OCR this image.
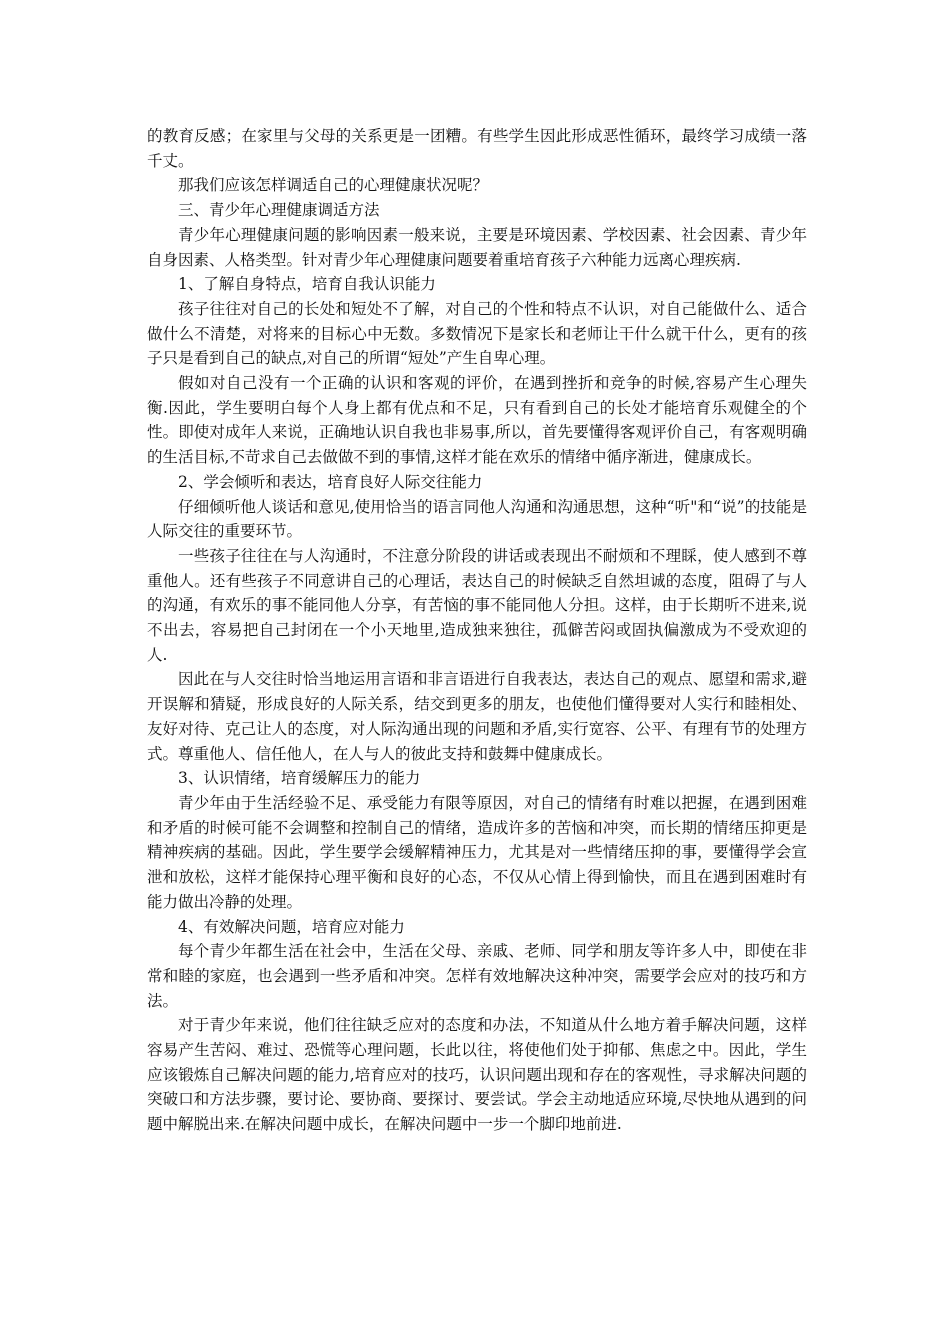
的教育反感；在家里与父母的关系更是一团糟。有些学生因此形成恶性循环，最终学习成绩一落千丈。

那我们应该怎样调适自己的心理健康状况呢？

三、青少年心理健康调适方法

青少年心理健康问题的影响因素一般来说，主要是环境因素、学校因素、社会因素、青少年自身因素、人格类型。针对青少年心理健康问题要着重培育孩子六种能力远离心理疾病.

1、了解自身特点，培育自我认识能力

孩子往往对自己的长处和短处不了解，对自己的个性和特点不认识，对自己能做什么、适合做什么不清楚，对将来的目标心中无数。多数情况下是家长和老师让干什么就干什么，更有的孩子只是看到自己的缺点,对自己的所谓“短处”产生自卑心理。

假如对自己没有一个正确的认识和客观的评价，在遇到挫折和竞争的时候,容易产生心理失衡.因此，学生要明白每个人身上都有优点和不足，只有看到自己的长处才能培育乐观健全的个性。即使对成年人来说，正确地认识自我也非易事,所以，首先要懂得客观评价自己，有客观明确的生活目标,不苛求自己去做做不到的事情,这样才能在欢乐的情绪中循序渐进，健康成长。

2、学会倾听和表达，培育良好人际交往能力

仔细倾听他人谈话和意见,使用恰当的语言同他人沟通和沟通思想，这种“听"和“说”的技能是人际交往的重要环节。

一些孩子往往在与人沟通时，不注意分阶段的讲话或表现出不耐烦和不理睬，使人感到不尊重他人。还有些孩子不同意讲自己的心理话，表达自己的时候缺乏自然坦诚的态度，阻碍了与人的沟通，有欢乐的事不能同他人分享，有苦恼的事不能同他人分担。这样，由于长期听不进来,说不出去，容易把自己封闭在一个小天地里,造成独来独往，孤僻苦闷或固执偏激成为不受欢迎的人.

因此在与人交往时恰当地运用言语和非言语进行自我表达，表达自己的观点、愿望和需求,避开误解和猜疑，形成良好的人际关系，结交到更多的朋友，也使他们懂得要对人实行和睦相处、友好对待、克己让人的态度，对人际沟通出现的问题和矛盾,实行宽容、公平、有理有节的处理方式。尊重他人、信任他人，在人与人的彼此支持和鼓舞中健康成长。

3、认识情绪，培育缓解压力的能力

青少年由于生活经验不足、承受能力有限等原因，对自己的情绪有时难以把握，在遇到困难和矛盾的时候可能不会调整和控制自己的情绪，造成许多的苦恼和冲突，而长期的情绪压抑更是精神疾病的基础。因此，学生要学会缓解精神压力，尤其是对一些情绪压抑的事，要懂得学会宣泄和放松，这样才能保持心理平衡和良好的心态，不仅从心情上得到愉快，而且在遇到困难时有能力做出冷静的处理。

4、有效解决问题，培育应对能力

每个青少年都生活在社会中，生活在父母、亲戚、老师、同学和朋友等许多人中，即使在非常和睦的家庭，也会遇到一些矛盾和冲突。怎样有效地解决这种冲突，需要学会应对的技巧和方法。

对于青少年来说，他们往往缺乏应对的态度和办法，不知道从什么地方着手解决问题，这样容易产生苦闷、难过、恐慌等心理问题，长此以往，将使他们处于抑郁、焦虑之中。因此，学生应该锻炼自己解决问题的能力,培育应对的技巧，认识问题出现和存在的客观性，寻求解决问题的突破口和方法步骤，要讨论、要协商、要探讨、要尝试。学会主动地适应环境,尽快地从遇到的问题中解脱出来.在解决问题中成长，在解决问题中一步一个脚印地前进.
